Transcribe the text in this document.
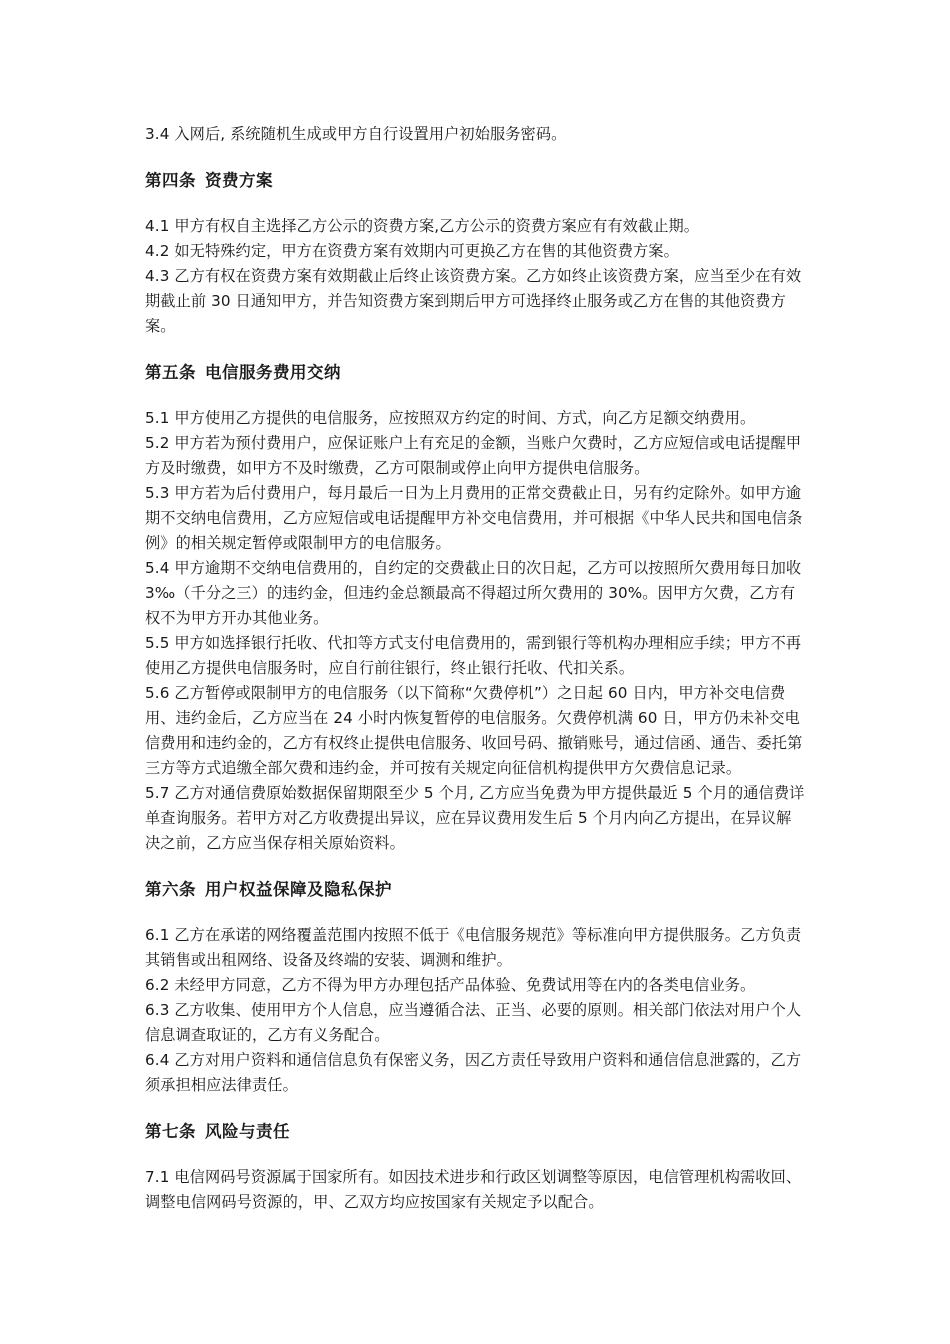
3.4 入网后, 系统随机生成或甲方自行设置用户初始服务密码。

第四条 资费方案

4.1 甲方有权自主选择乙方公示的资费方案,乙方公示的资费方案应有有效截止期。

4.2 如无特殊约定，甲方在资费方案有效期内可更换乙方在售的其他资费方案。

4.3 乙方有权在资费方案有效期截止后终止该资费方案。乙方如终止该资费方案，应当至少在有效期截止前 30 日通知甲方，并告知资费方案到期后甲方可选择终止服务或乙方在售的其他资费方案。

第五条 电信服务费用交纳

5.1 甲方使用乙方提供的电信服务，应按照双方约定的时间、方式，向乙方足额交纳费用。

5.2 甲方若为预付费用户，应保证账户上有充足的金额，当账户欠费时，乙方应短信或电话提醒甲方及时缴费，如甲方不及时缴费，乙方可限制或停止向甲方提供电信服务。

5.3 甲方若为后付费用户，每月最后一日为上月费用的正常交费截止日，另有约定除外。如甲方逾期不交纳电信费用，乙方应短信或电话提醒甲方补交电信费用，并可根据《中华人民共和国电信条例》的相关规定暂停或限制甲方的电信服务。

5.4 甲方逾期不交纳电信费用的，自约定的交费截止日的次日起，乙方可以按照所欠费用每日加收 3‰（千分之三）的违约金，但违约金总额最高不得超过所欠费用的 30%。因甲方欠费，乙方有权不为甲方开办其他业务。

5.5 甲方如选择银行托收、代扣等方式支付电信费用的，需到银行等机构办理相应手续；甲方不再使用乙方提供电信服务时，应自行前往银行，终止银行托收、代扣关系。

5.6 乙方暂停或限制甲方的电信服务（以下简称“欠费停机”）之日起 60 日内，甲方补交电信费用、违约金后，乙方应当在 24 小时内恢复暂停的电信服务。欠费停机满 60 日，甲方仍未补交电信费用和违约金的，乙方有权终止提供电信服务、收回号码、撤销账号，通过信函、通告、委托第三方等方式追缴全部欠费和违约金，并可按有关规定向征信机构提供甲方欠费信息记录。

5.7 乙方对通信费原始数据保留期限至少 5 个月, 乙方应当免费为甲方提供最近 5 个月的通信费详单查询服务。若甲方对乙方收费提出异议，应在异议费用发生后 5 个月内向乙方提出，在异议解决之前，乙方应当保存相关原始资料。

第六条 用户权益保障及隐私保护

6.1 乙方在承诺的网络覆盖范围内按照不低于《电信服务规范》等标准向甲方提供服务。乙方负责其销售或出租网络、设备及终端的安装、调测和维护。

6.2 未经甲方同意，乙方不得为甲方办理包括产品体验、免费试用等在内的各类电信业务。

6.3 乙方收集、使用甲方个人信息，应当遵循合法、正当、必要的原则。相关部门依法对用户个人信息调查取证的，乙方有义务配合。

6.4 乙方对用户资料和通信信息负有保密义务，因乙方责任导致用户资料和通信信息泄露的，乙方须承担相应法律责任。

第七条 风险与责任

7.1 电信网码号资源属于国家所有。如因技术进步和行政区划调整等原因，电信管理机构需收回、调整电信网码号资源的，甲、乙双方均应按国家有关规定予以配合。
